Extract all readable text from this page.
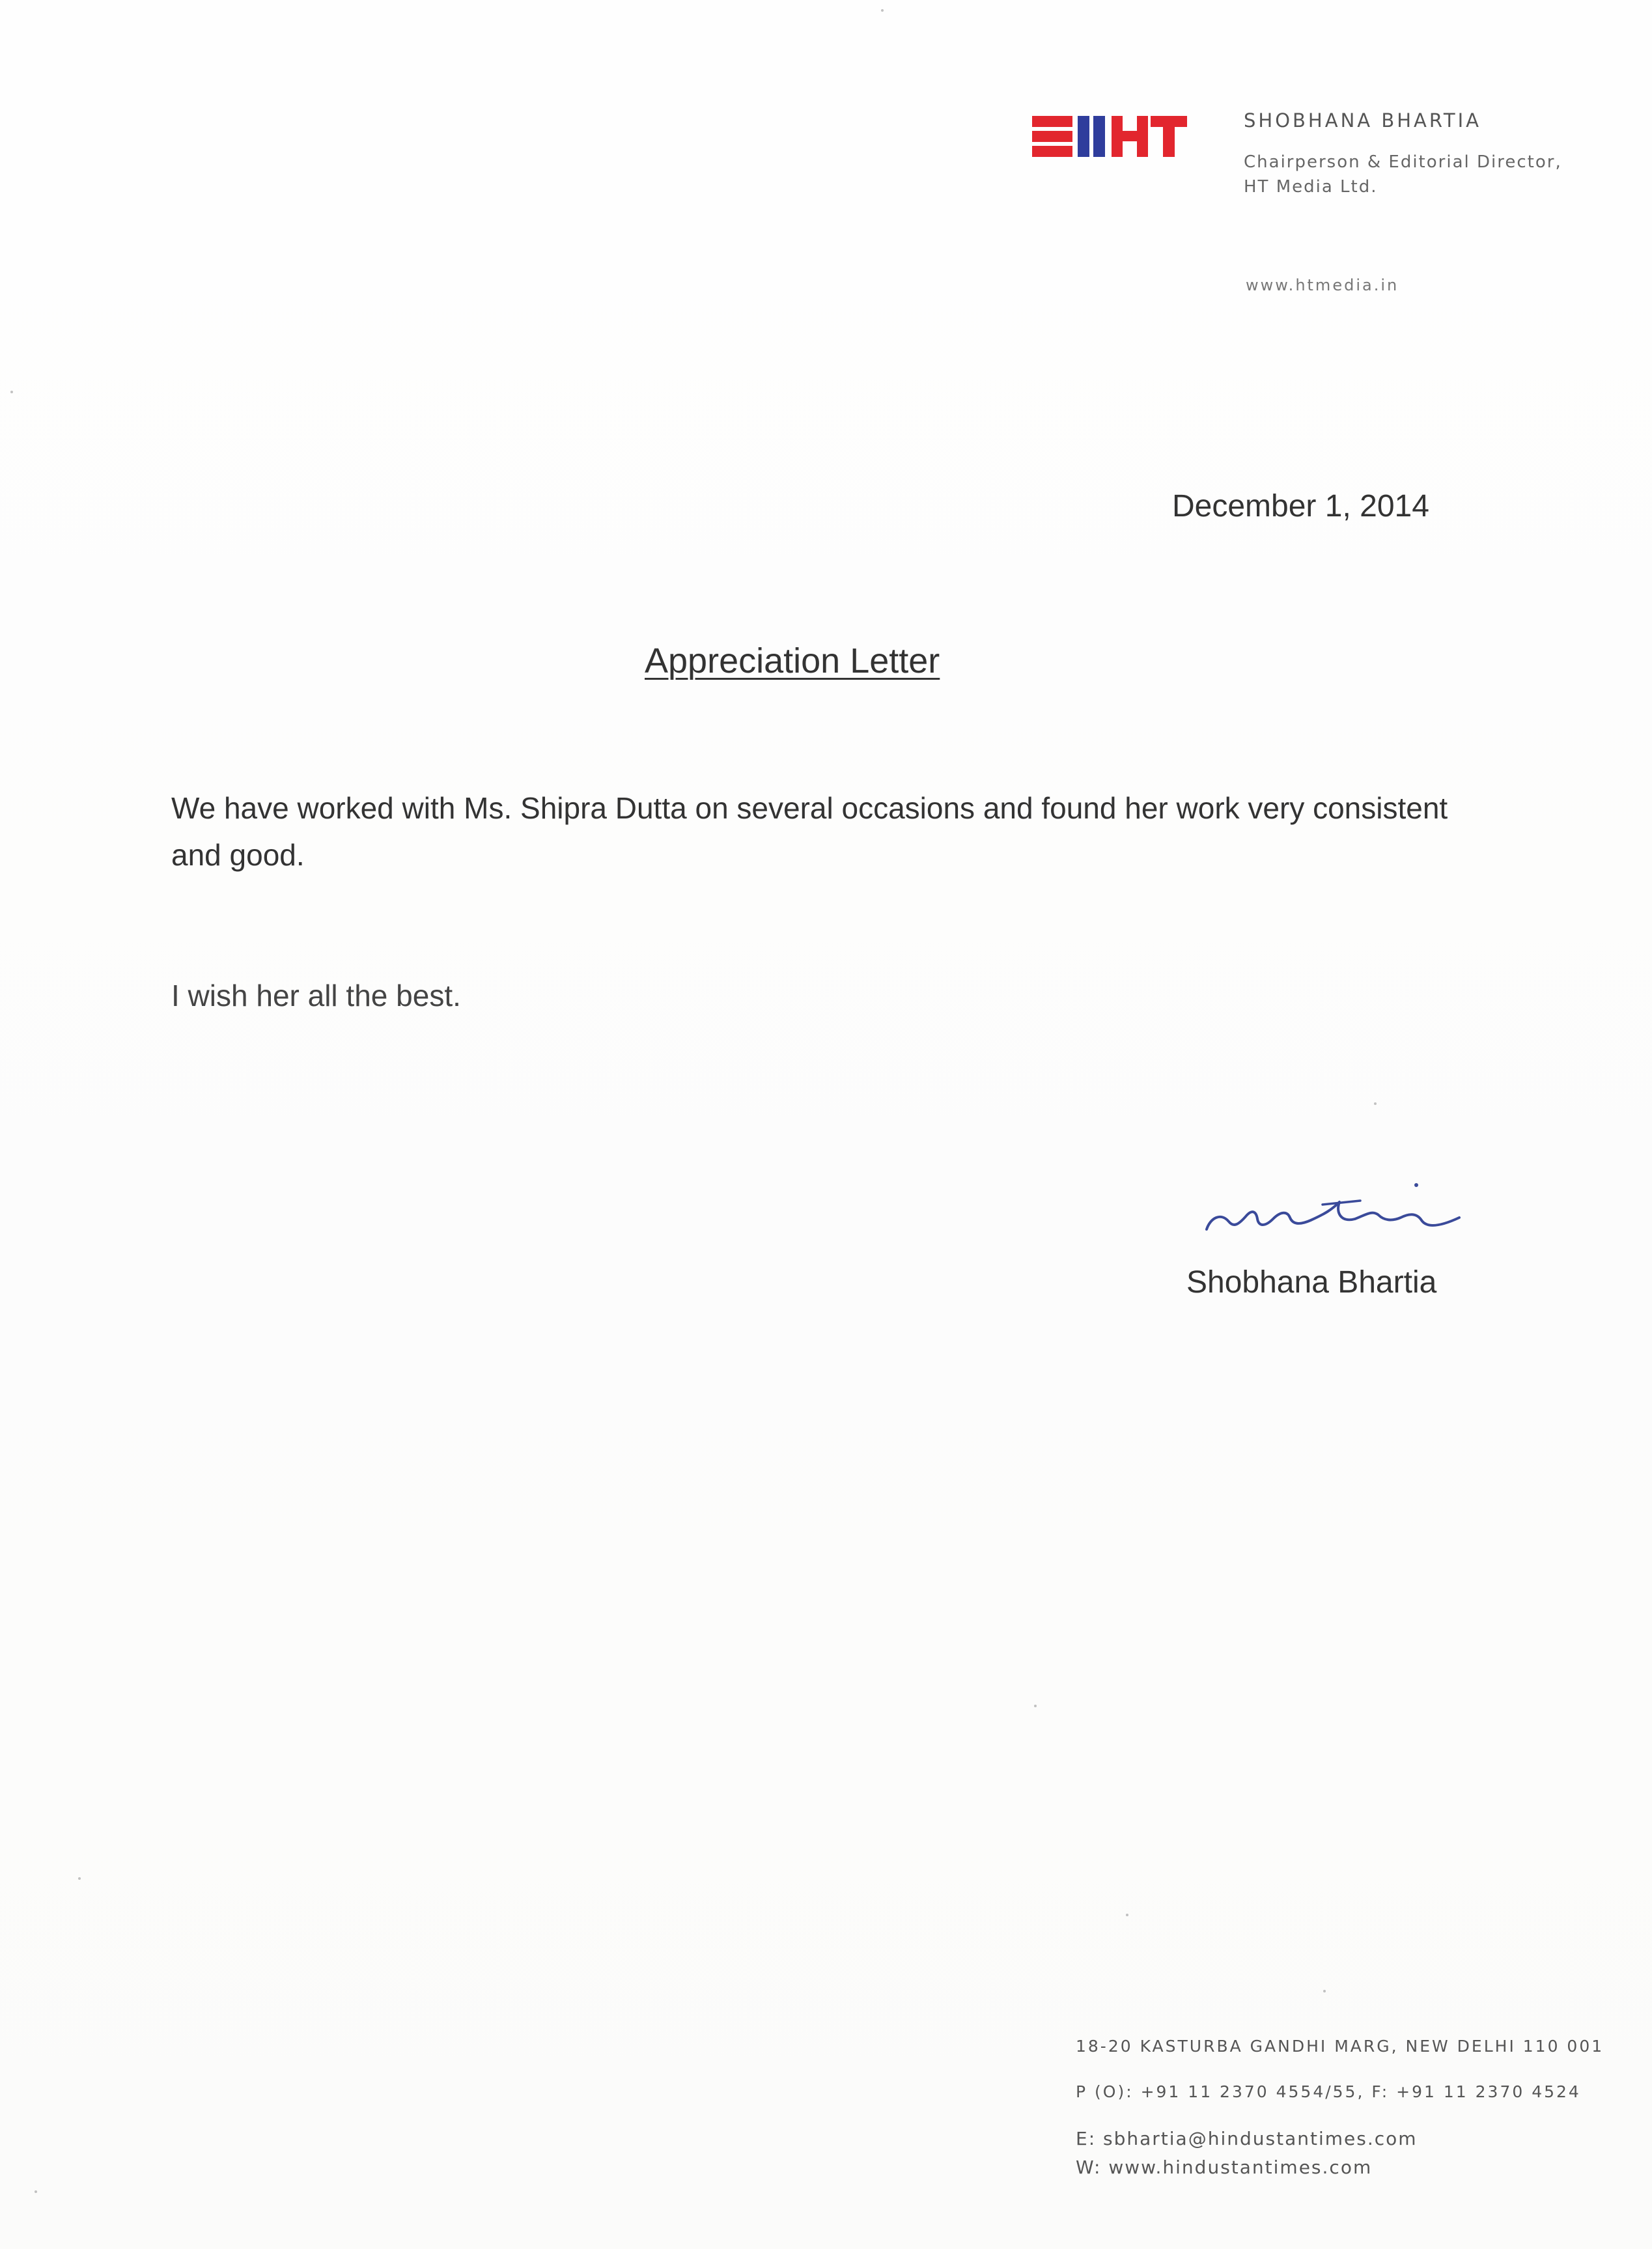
SHOBHANA BHARTIA
Chairperson & Editorial Director,
HT Media Ltd.
www.htmedia.in
December 1, 2014
Appreciation Letter
We have worked with Ms. Shipra Dutta on several occasions and found her work very consistent and good.
I wish her all the best.
Shobhana Bhartia
18-20 KASTURBA GANDHI MARG, NEW DELHI 110 001
P (O): +91 11 2370 4554/55, F: +91 11 2370 4524
E: sbhartia@hindustantimes.com
W: www.hindustantimes.com
